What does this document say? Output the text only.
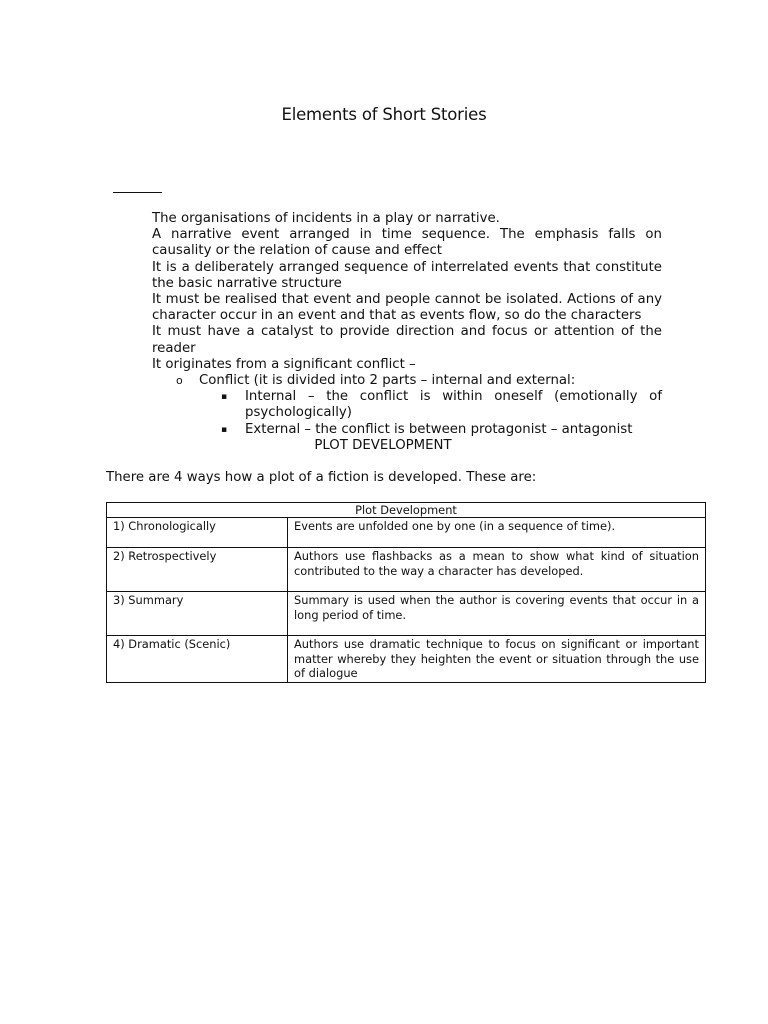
Elements of Short Stories

The organisations of incidents in a play or narrative.

A narrative event arranged in time sequence. The emphasis falls on causality or the relation of cause and effect

It is a deliberately arranged sequence of interrelated events that constitute the basic narrative structure

It must be realised that event and people cannot be isolated. Actions of any character occur in an event and that as events flow, so do the characters

It must have a catalyst to provide direction and focus or attention of the reader

It originates from a significant conflict –

o Conflict (it is divided into 2 parts – internal and external:

▪ Internal – the conflict is within oneself (emotionally of psychologically)

▪ External – the conflict is between protagonist – antagonist

PLOT DEVELOPMENT
There are 4 ways how a plot of a fiction is developed. These are:
Plot Development	
1) Chronologically	Events are unfolded one by one (in a sequence of time).
2) Retrospectively	Authors use flashbacks as a mean to show what kind of situation contributed to the way a character has developed.
3) Summary	Summary is used when the author is covering events that occur in a long period of time.
4) Dramatic (Scenic)	Authors use dramatic technique to focus on significant or important matter whereby they heighten the event or situation through the use of dialogue
